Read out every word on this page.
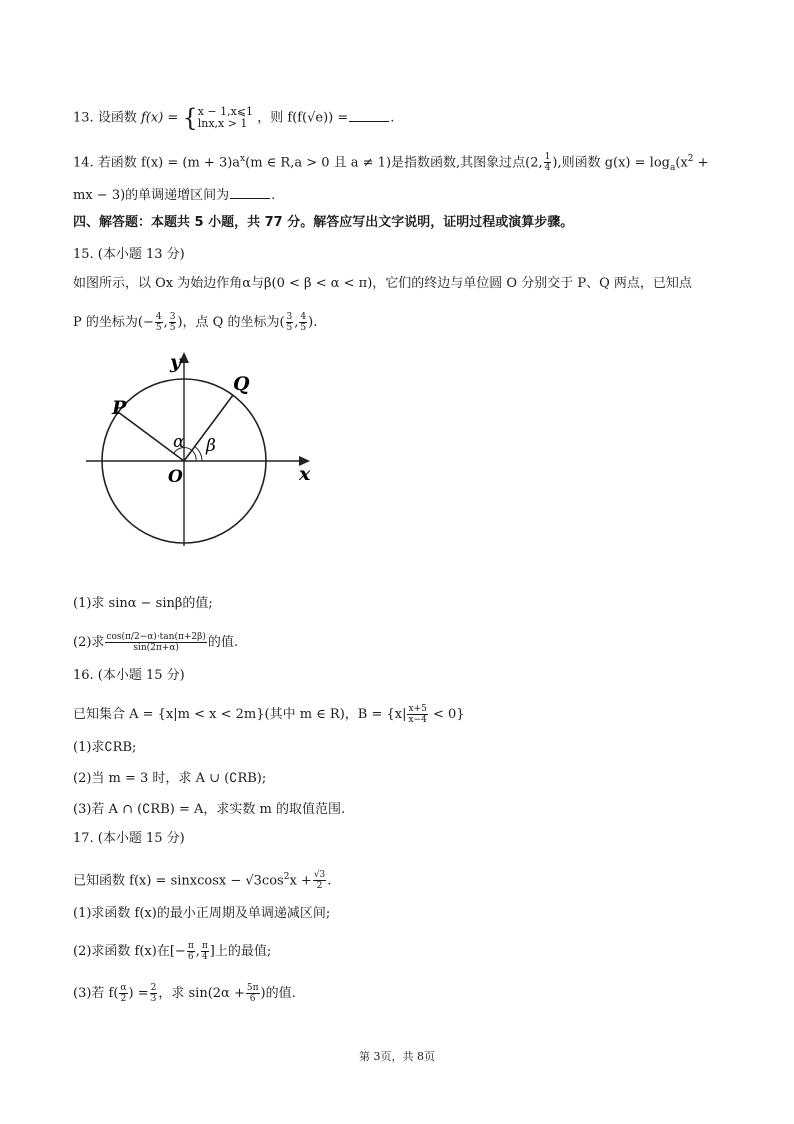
13. 设函数 f(x) = { x − 1,x⩽1
lnx,x > 1 ，则 f(f(√e)) =	.
14. 若函数 $f(x) = (m + 3)a^x(m$ ∈ R,a > 0 且 a ≠ 1)是指数函数,其图象过点(2, $\frac{1}{4}$ ),则函数 $g(x) = \log_a(x^2$ +
mx − 3)的单调递增区间为	.
四、解答题：本题共 5 小题，共 77 分。解答应写出文字说明，证明过程或演算步骤。
15. (本小题 13 分)
如图所示，以 Ox 为始边作角α与β(0 < β < α < π)，它们的终边与单位圆 O 分别交于 P、Q 两点，已知点
P 的坐标为(− $\frac{4}{5}$ , $\frac{3}{5}$ )，点 Q 的坐标为( $\frac{3}{5}$ , $\frac{4}{5}$ ).
y
x
O
P
Q
α β
(1)求 sinα − sinβ的值;
(2)求 $\frac{\cos(\pi/2-\alpha)\cdot\tan(\pi+2\beta)}{\sin(2\pi+\alpha)}$ 的值.
16. (本小题 15 分)
已知集合 A = {x|m < x < 2m}(其中 m ∈ R)，$B = \{x| \frac{x+5}{x-4} < 0\}$
(1)求∁RB;
(2)当 m = 3 时，求 A ∪ (∁RB);
(3)若 A ∩ (∁RB) = A，求实数 m 的取值范围.
17. (本小题 15 分)
已知函数 f(x) = sinxcosx − $√3\cos^2x + \frac{√3}{2}$ .
(1)求函数 f(x)的最小正周期及单调递减区间;
(2)求函数 f(x)在[− $\frac{\pi}{6}$ , $\frac{\pi}{4}$ ]上的最值;
(3)若 $f( \frac{\alpha}{2}$ ) = $\frac{2}{3}$ ，求 $\sin(2\alpha + \frac{5\pi}{6}$ )的值.
第 3页，共 8页
